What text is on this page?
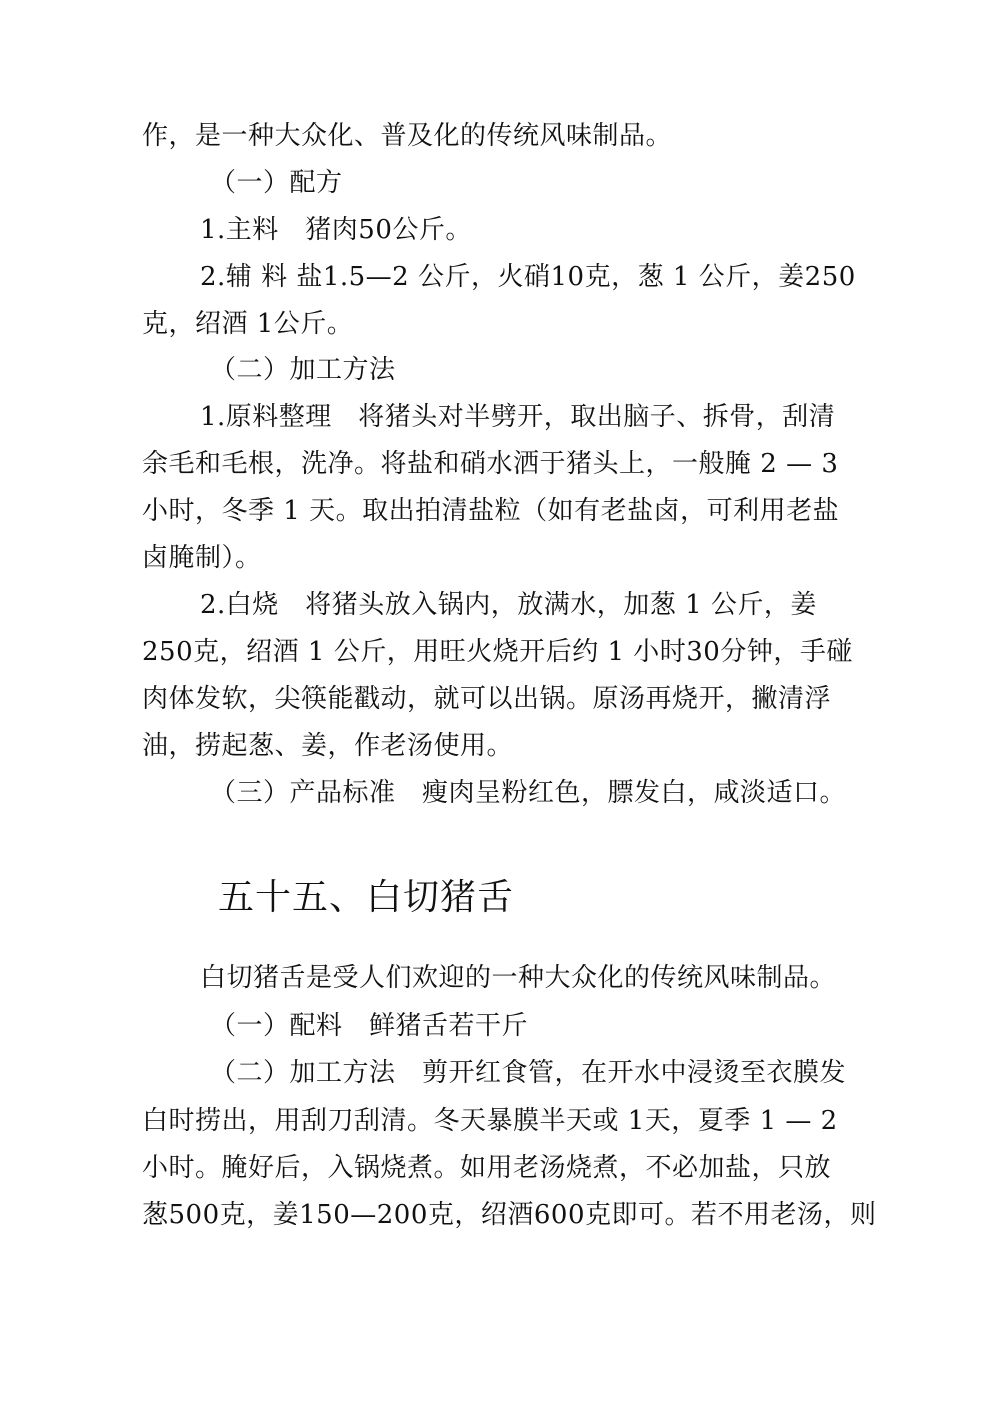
作，是一种大众化、普及化的传统风味制品。
（一）配方
1.主料　猪肉50公斤。
2.辅 料 盐1.5—2 公斤，火硝10克，葱 1 公斤，姜250
克，绍酒 1公斤。
（二）加工方法
1.原料整理　将猪头对半劈开，取出脑子、拆骨，刮清
余毛和毛根，洗净。将盐和硝水洒于猪头上，一般腌 2 — 3
小时，冬季 1 天。取出拍清盐粒（如有老盐卤，可利用老盐
卤腌制）。
2.白烧　将猪头放入锅内，放满水，加葱 1 公斤，姜
250克，绍酒 1 公斤，用旺火烧开后约 1 小时30分钟，手碰
肉体发软，尖筷能戳动，就可以出锅。原汤再烧开，撇清浮
油，捞起葱、姜，作老汤使用。
（三）产品标准　瘦肉呈粉红色，膘发白，咸淡适口。
五十五、白切猪舌
白切猪舌是受人们欢迎的一种大众化的传统风味制品。
（一）配料　鲜猪舌若干斤
（二）加工方法　剪开红食管，在开水中浸烫至衣膜发
白时捞出，用刮刀刮清。冬天暴膜半天或 1天，夏季 1 — 2
小时。腌好后，入锅烧煮。如用老汤烧煮，不必加盐，只放
葱500克，姜150—200克，绍酒600克即可。若不用老汤，则
